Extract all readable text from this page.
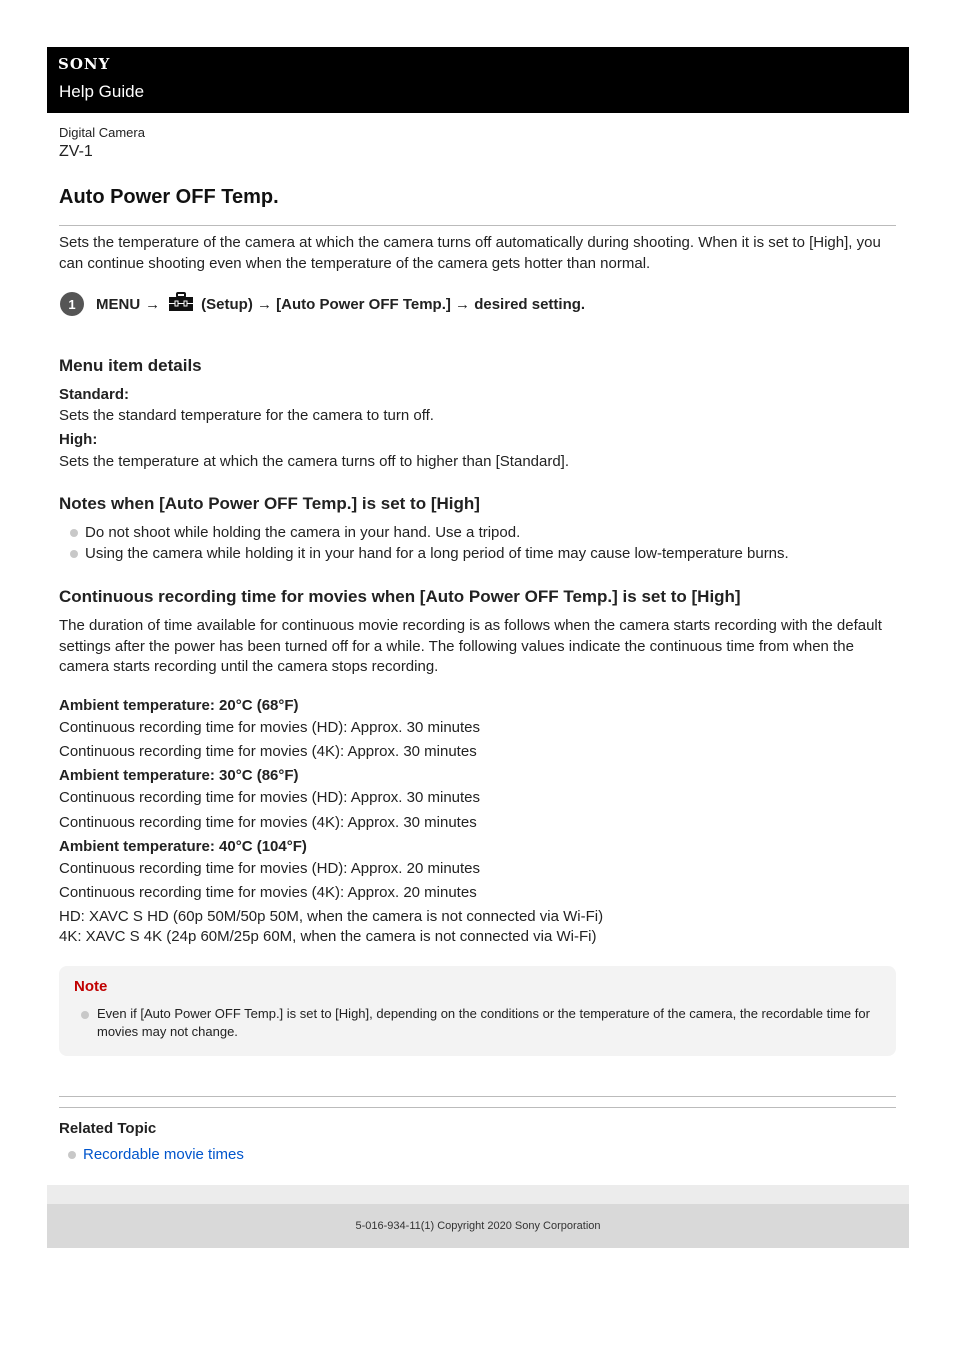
SONY
Help Guide
Digital Camera
ZV-1
Auto Power OFF Temp.

Sets the temperature of the camera at which the camera turns off automatically during shooting. When it is set to [High], you can continue shooting even when the temperature of the camera gets hotter than normal.

1	MENU →	(Setup) → [Auto Power OFF Temp.] → desired setting.
Menu item details
Standard:
Sets the standard temperature for the camera to turn off.
High:
Sets the temperature at which the camera turns off to higher than [Standard].
Notes when [Auto Power OFF Temp.] is set to [High]
Do not shoot while holding the camera in your hand. Use a tripod.
Using the camera while holding it in your hand for a long period of time may cause low-temperature burns.
Continuous recording time for movies when [Auto Power OFF Temp.] is set to [High]

The duration of time available for continuous movie recording is as follows when the camera starts recording with the default settings after the power has been turned off for a while. The following values indicate the continuous time from when the camera starts recording until the camera stops recording.

Ambient temperature: 20°C (68°F)
Continuous recording time for movies (HD): Approx. 30 minutes
Continuous recording time for movies (4K): Approx. 30 minutes
Ambient temperature: 30°C (86°F)
Continuous recording time for movies (HD): Approx. 30 minutes
Continuous recording time for movies (4K): Approx. 30 minutes
Ambient temperature: 40°C (104°F)
Continuous recording time for movies (HD): Approx. 20 minutes
Continuous recording time for movies (4K): Approx. 20 minutes
HD: XAVC S HD (60p 50M/50p 50M, when the camera is not connected via Wi-Fi)
4K: XAVC S 4K (24p 60M/25p 60M, when the camera is not connected via Wi-Fi)
Note
Even if [Auto Power OFF Temp.] is set to [High], depending on the conditions or the temperature of the camera, the recordable time for movies may not change.
Related Topic
Recordable movie times
5-016-934-11(1) Copyright 2020 Sony Corporation
